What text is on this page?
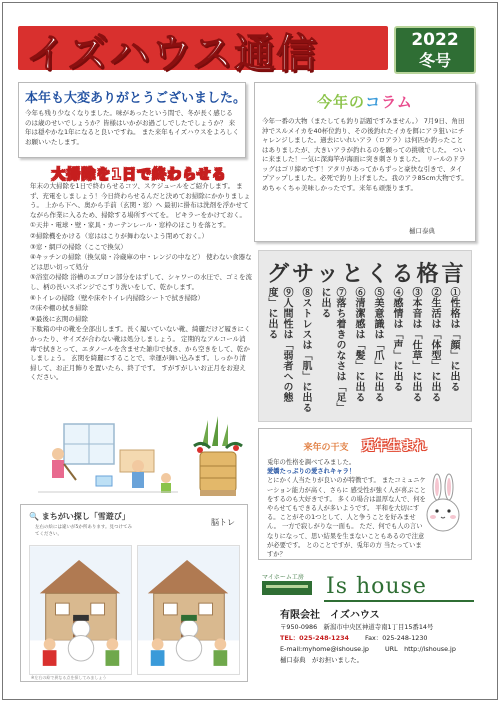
イズハウス通信	2022
冬号
本年も大変ありがとうございました。
今年も残り少なくなりました。味があったという間で、冬が長く感じる のは歳のせいでしょうか？皆様はいかがお過ごしでしたでしょうか？ 来年は穏やかな1年になると良いですね。 また来年もイズハウスをよろしくお願いいたします。
今年のコラム
今年一番の大物（またしても釣り話題ですみません。） 7月9日、角田沖でスルメイカを40杯位釣り、その後釣れたイカを餌にアラ狙いにチャレンジしました。過去にいれいアラ（ロアラ）は何匹か釣ったことはありましたが、大きいアラが釣れるのを願っての挑戦でした。 ついに来ました！一気に深海竿が海面に突き刺さりました。 リールのドラッグはゴリ締めです！アタリがあってからずっと豪快な引きで、タイプアップしました。必死で釣り上げました。我のアラ85cm大物です。 めちゃくちゃ美味しかったです。来年も頑張ります。
樋口泰典
大掃除を1日で終わらせる

年末の大掃除を1日で終わらせるコツ、スケジュールをご紹介します。 まず、充電をしましょう！今日終わらせるんだと決めてお掃除にかかりましょう。 上から下へ、奥から手前（玄関・窓）へ 最初に掛布は洗剤を浮かせてながら作業に入るため、掃除する場所すべてを。 ピキラーをかけておく。

①天井・電球・壁・家具・カーテンレール・窓枠のほこりを落とす。

②掃除機をかける（窓ははこりが舞わないよう閉めておく。）

③窓・網戸の掃除（ここで換気）

④キッチンの掃除（換気扇・冷蔵庫の中・レンジの中など） 使わない食器などは思い切って処分

⑤浴室の掃除 浴槽のエプロン部分をはずして、シャワーの水圧で、ゴミを流し、柄の長いスポンジでこすり洗いをして、乾かします。

⑥トイレの掃除（壁や床やトイレ内掃除シートで拭き掃除）

⑦床や棚の拭き掃除

⑧最後に玄関の掃除

下駄箱の中の靴を全部出します。長く履いていない靴、綺麗だけど履きにくかったり、サイズが合わない靴は処分しましょう。 定期的なアルコール消毒で拭きとって、エタノールを含ませた雑巾で拭き、から空きをして、乾かしましょう。 玄関を綺麗にすることで、幸運が舞い込みます。しっかり清掃して、お正月飾りを置いたら、終了です。 すがすがしいお正月をお迎えください。

グサッとくる格言
①性格は「顔」に出る
②生活は「体型」に出る
③本音は「仕草」に出る
④感情は「声」に出る
⑤美意識は「爪」に出る
⑥清潔感は「髪」に出る
⑦落ち着きのなさは「足」に出る
⑧ストレスは「肌」に出る
⑨人間性は「弱者への態度」に出る
来年の干支 兎年生まれ
兎年の性格を調べてみました。
愛嬌たっぷりの愛されキャラ！
とにかく人当たりが良いのが特徴です。 またコミュニケーション能力が高く、さらに 感受性が強く人が喜ぶことをするのも大好きです。 多くの場合は温厚な人で、何をやらせてもできる人が多いようです。 平和を大切にする。ことがその1つとして、人と争うことを好みません。 一方で寂しがりな一面も。 ただ、何でも人の言いなりになって、思い結果を生まないこともあるので注意が必要です。 とのことですが、兎年の方 当たっていますか？
🔍 まちがい探し「雪遊び」
脳トレ
左右の絵には違いが5か所あります。見つけてみてください。
※左右の絵で異なる点を探してみましょう
マイホーム工房 Is house
有限会社　イズハウス
〒950-0986　新潟市中央区神道寺南1丁目15番14号
TEL：025-248-1234	Fax：025-248-1230
E-mail:myhome@ishouse.jp	URL　http://ishouse.jp
樋口泰典　がお担いました。
